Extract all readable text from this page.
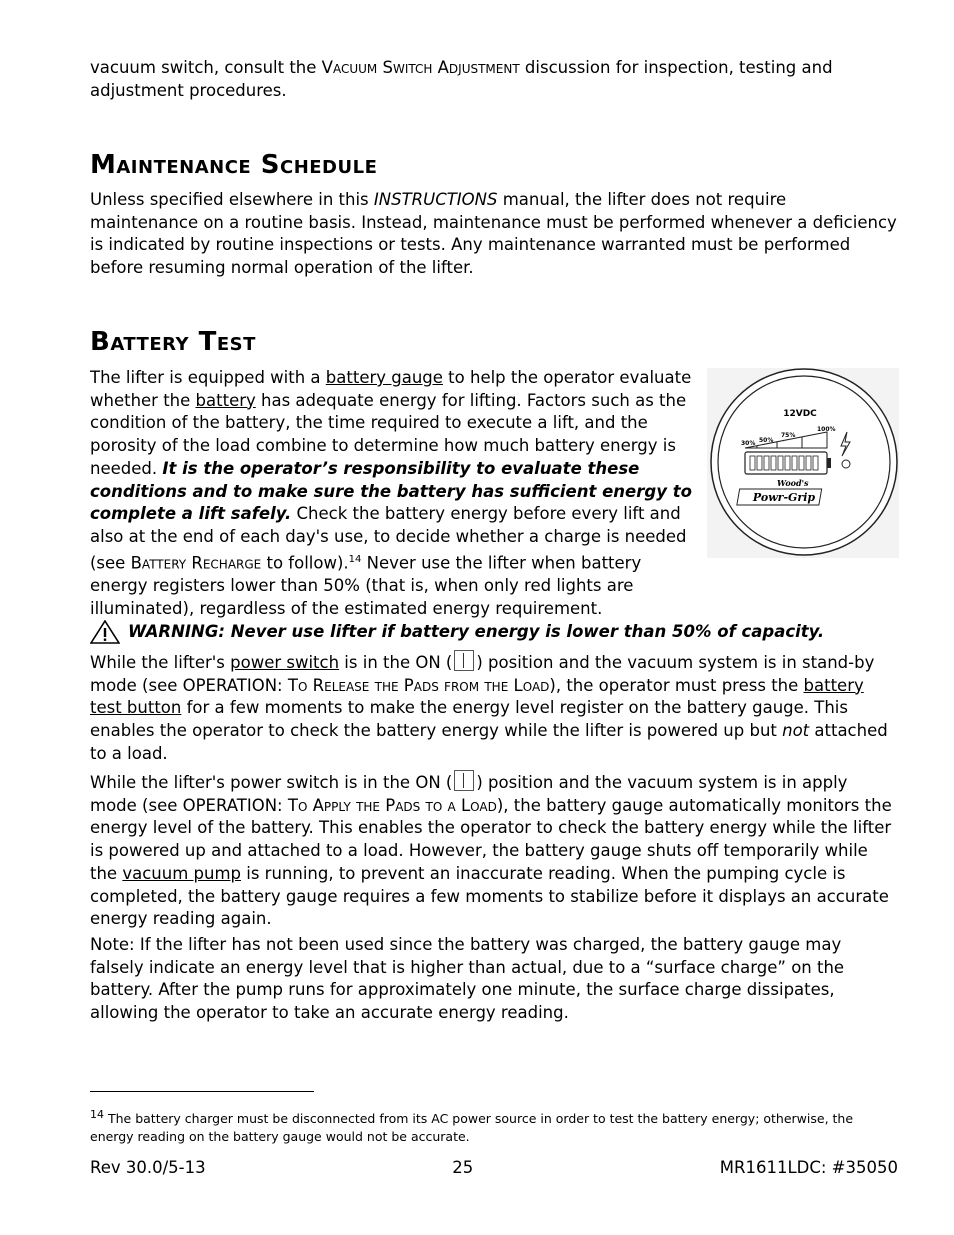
vacuum switch, consult the Vacuum Switch Adjustment discussion for inspection, testing and adjustment procedures.

Maintenance Schedule

Unless specified elsewhere in this INSTRUCTIONS manual, the lifter does not require maintenance on a routine basis. Instead, maintenance must be performed whenever a deficiency is indicated by routine inspections or tests. Any maintenance warranted must be performed before resuming normal operation of the lifter.

Battery Test

The lifter is equipped with a battery gauge to help the operator evaluate whether the battery has adequate energy for lifting. Factors such as the condition of the battery, the time required to execute a lift, and the porosity of the load combine to determine how much battery energy is needed. It is the operator’s responsibility to evaluate these conditions and to make sure the battery has sufficient energy to complete a lift safely. Check the battery energy before every lift and also at the end of each day's use, to decide whether a charge is needed (see Battery Recharge to follow).$^{14}$ Never use the lifter when battery energy registers lower than 50% (that is, when only red lights are illuminated), regardless of the estimated energy requirement.

12VDC
30% 50%
75%
100%
Wood's
Powr-Grip

WARNING: Never use lifter if battery energy is lower than 50% of capacity.

While the lifter's power switch is in the ON ( ) position and the vacuum system is in stand-by mode (see OPERATION: To Release the Pads from the Load), the operator must press the battery test button for a few moments to make the energy level register on the battery gauge. This enables the operator to check the battery energy while the lifter is powered up but not attached to a load.

While the lifter's power switch is in the ON ( ) position and the vacuum system is in apply mode (see OPERATION: To Apply the Pads to a Load), the battery gauge automatically monitors the energy level of the battery. This enables the operator to check the battery energy while the lifter is powered up and attached to a load. However, the battery gauge shuts off temporarily while the vacuum pump is running, to prevent an inaccurate reading. When the pumping cycle is completed, the battery gauge requires a few moments to stabilize before it displays an accurate energy reading again.

Note: If the lifter has not been used since the battery was charged, the battery gauge may falsely indicate an energy level that is higher than actual, due to a “surface charge” on the battery. After the pump runs for approximately one minute, the surface charge dissipates, allowing the operator to take an accurate energy reading.

$^{14}$ The battery charger must be disconnected from its AC power source in order to test the battery energy; otherwise, the energy reading on the battery gauge would not be accurate.
Rev 30.0/5-13	25	MR1611LDC: #35050
